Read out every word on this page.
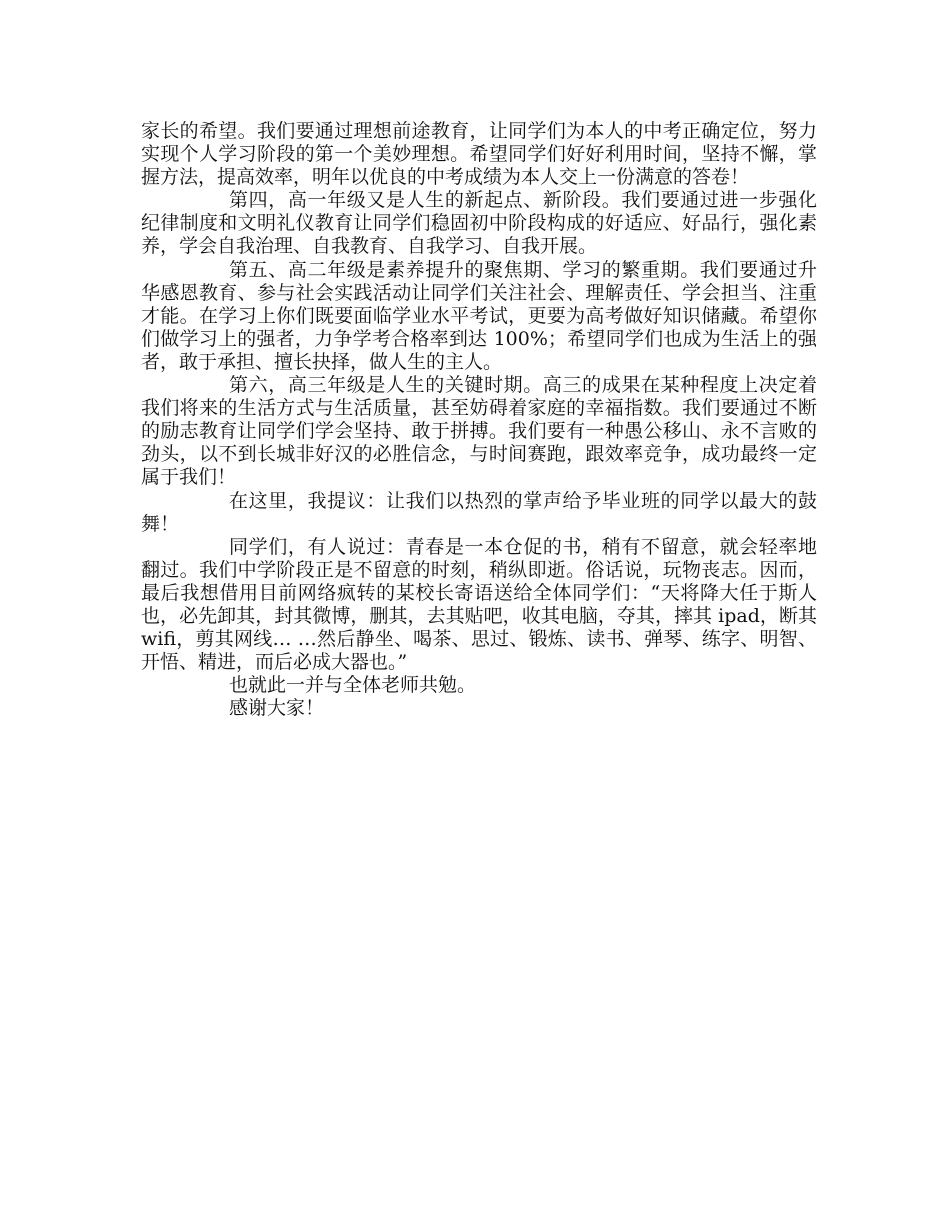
家长的希望。我们要通过理想前途教育，让同学们为本人的中考正确定位，努力实现个人学习阶段的第一个美妙理想。希望同学们好好利用时间，坚持不懈，掌握方法，提高效率，明年以优良的中考成绩为本人交上一份满意的答卷！

第四，高一年级又是人生的新起点、新阶段。我们要通过进一步强化纪律制度和文明礼仪教育让同学们稳固初中阶段构成的好适应、好品行，强化素养，学会自我治理、自我教育、自我学习、自我开展。

第五、高二年级是素养提升的聚焦期、学习的繁重期。我们要通过升华感恩教育、参与社会实践活动让同学们关注社会、理解责任、学会担当、注重才能。在学习上你们既要面临学业水平考试，更要为高考做好知识储藏。希望你们做学习上的强者，力争学考合格率到达 100%；希望同学们也成为生活上的强者，敢于承担、擅长抉择，做人生的主人。

第六，高三年级是人生的关键时期。高三的成果在某种程度上决定着我们将来的生活方式与生活质量，甚至妨碍着家庭的幸福指数。我们要通过不断的励志教育让同学们学会坚持、敢于拼搏。我们要有一种愚公移山、永不言败的劲头，以不到长城非好汉的必胜信念，与时间赛跑，跟效率竞争，成功最终一定属于我们！

在这里，我提议：让我们以热烈的掌声给予毕业班的同学以最大的鼓舞！

同学们，有人说过：青春是一本仓促的书，稍有不留意，就会轻率地翻过。我们中学阶段正是不留意的时刻，稍纵即逝。俗话说，玩物丧志。因而，最后我想借用目前网络疯转的某校长寄语送给全体同学们：“天将降大任于斯人也，必先卸其，封其微博，删其，去其贴吧，收其电脑，夺其，摔其 ipad，断其 wifi，剪其网线… …然后静坐、喝茶、思过、锻炼、读书、弹琴、练字、明智、开悟、精进，而后必成大器也。”

也就此一并与全体老师共勉。

感谢大家！
